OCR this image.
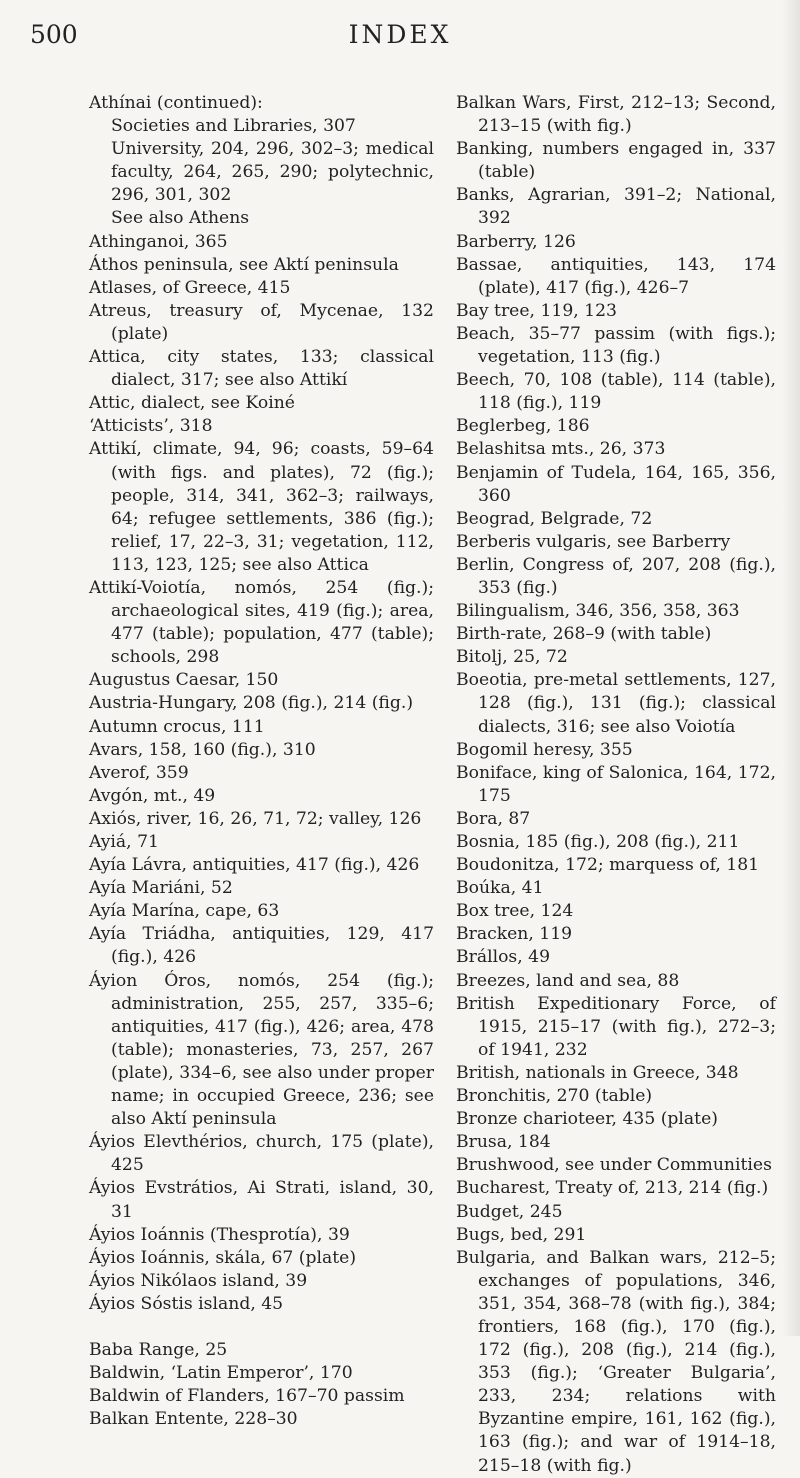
500	INDEX

Athínai (continued):

Societies and Libraries, 307

University, 204, 296, 302–3; medical faculty, 264, 265, 290; polytechnic, 296, 301, 302

See also Athens

Athinganoi, 365

Áthos peninsula, see Aktí peninsula

Atlases, of Greece, 415

Atreus, treasury of, Mycenae, 132 (plate)

Attica, city states, 133; classical dialect, 317; see also Attikí

Attic, dialect, see Koiné

‘Atticists’, 318

Attikí, climate, 94, 96; coasts, 59–64 (with figs. and plates), 72 (fig.); people, 314, 341, 362–3; railways, 64; refugee settlements, 386 (fig.); relief, 17, 22–3, 31; vegetation, 112, 113, 123, 125; see also Attica

Attikí-Voiotía, nomós, 254 (fig.); archaeological sites, 419 (fig.); area, 477 (table); population, 477 (table); schools, 298

Augustus Caesar, 150

Austria-Hungary, 208 (fig.), 214 (fig.)

Autumn crocus, 111

Avars, 158, 160 (fig.), 310

Averof, 359

Avgón, mt., 49

Axiós, river, 16, 26, 71, 72; valley, 126

Ayiá, 71

Ayía Lávra, antiquities, 417 (fig.), 426

Ayía Mariáni, 52

Ayía Marína, cape, 63

Ayía Triádha, antiquities, 129, 417 (fig.), 426

Áyion Óros, nomós, 254 (fig.); administration, 255, 257, 335–6; antiquities, 417 (fig.), 426; area, 478 (table); monasteries, 73, 257, 267 (plate), 334–6, see also under proper name; in occupied Greece, 236; see also Aktí peninsula

Áyios Elevthérios, church, 175 (plate), 425

Áyios Evstrátios, Ai Strati, island, 30, 31

Áyios Ioánnis (Thesprotía), 39

Áyios Ioánnis, skála, 67 (plate)

Áyios Nikólaos island, 39

Áyios Sóstis island, 45

Baba Range, 25

Baldwin, ‘Latin Emperor’, 170

Baldwin of Flanders, 167–70 passim

Balkan Entente, 228–30

Balkan Wars, First, 212–13; Second, 213–15 (with fig.)

Banking, numbers engaged in, 337 (table)

Banks, Agrarian, 391–2; National, 392

Barberry, 126

Bassae, antiquities, 143, 174 (plate), 417 (fig.), 426–7

Bay tree, 119, 123

Beach, 35–77 passim (with figs.); vegetation, 113 (fig.)

Beech, 70, 108 (table), 114 (table), 118 (fig.), 119

Beglerbeg, 186

Belashitsa mts., 26, 373

Benjamin of Tudela, 164, 165, 356, 360

Beograd, Belgrade, 72

Berberis vulgaris, see Barberry

Berlin, Congress of, 207, 208 (fig.), 353 (fig.)

Bilingualism, 346, 356, 358, 363

Birth-rate, 268–9 (with table)

Bitolj, 25, 72

Boeotia, pre-metal settlements, 127, 128 (fig.), 131 (fig.); classical dialects, 316; see also Voiotía

Bogomil heresy, 355

Boniface, king of Salonica, 164, 172, 175

Bora, 87

Bosnia, 185 (fig.), 208 (fig.), 211

Boudonitza, 172; marquess of, 181

Boúka, 41

Box tree, 124

Bracken, 119

Brállos, 49

Breezes, land and sea, 88

British Expeditionary Force, of 1915, 215–17 (with fig.), 272–3; of 1941, 232

British, nationals in Greece, 348

Bronchitis, 270 (table)

Bronze charioteer, 435 (plate)

Brusa, 184

Brushwood, see under Communities

Bucharest, Treaty of, 213, 214 (fig.)

Budget, 245

Bugs, bed, 291

Bulgaria, and Balkan wars, 212–5; exchanges of populations, 346, 351, 354, 368–78 (with fig.), 384; frontiers, 168 (fig.), 170 (fig.), 172 (fig.), 208 (fig.), 214 (fig.), 353 (fig.); ‘Greater Bulgaria’, 233, 234; relations with Byzantine empire, 161, 162 (fig.), 163 (fig.); and war of 1914–18, 215–18 (with fig.)
